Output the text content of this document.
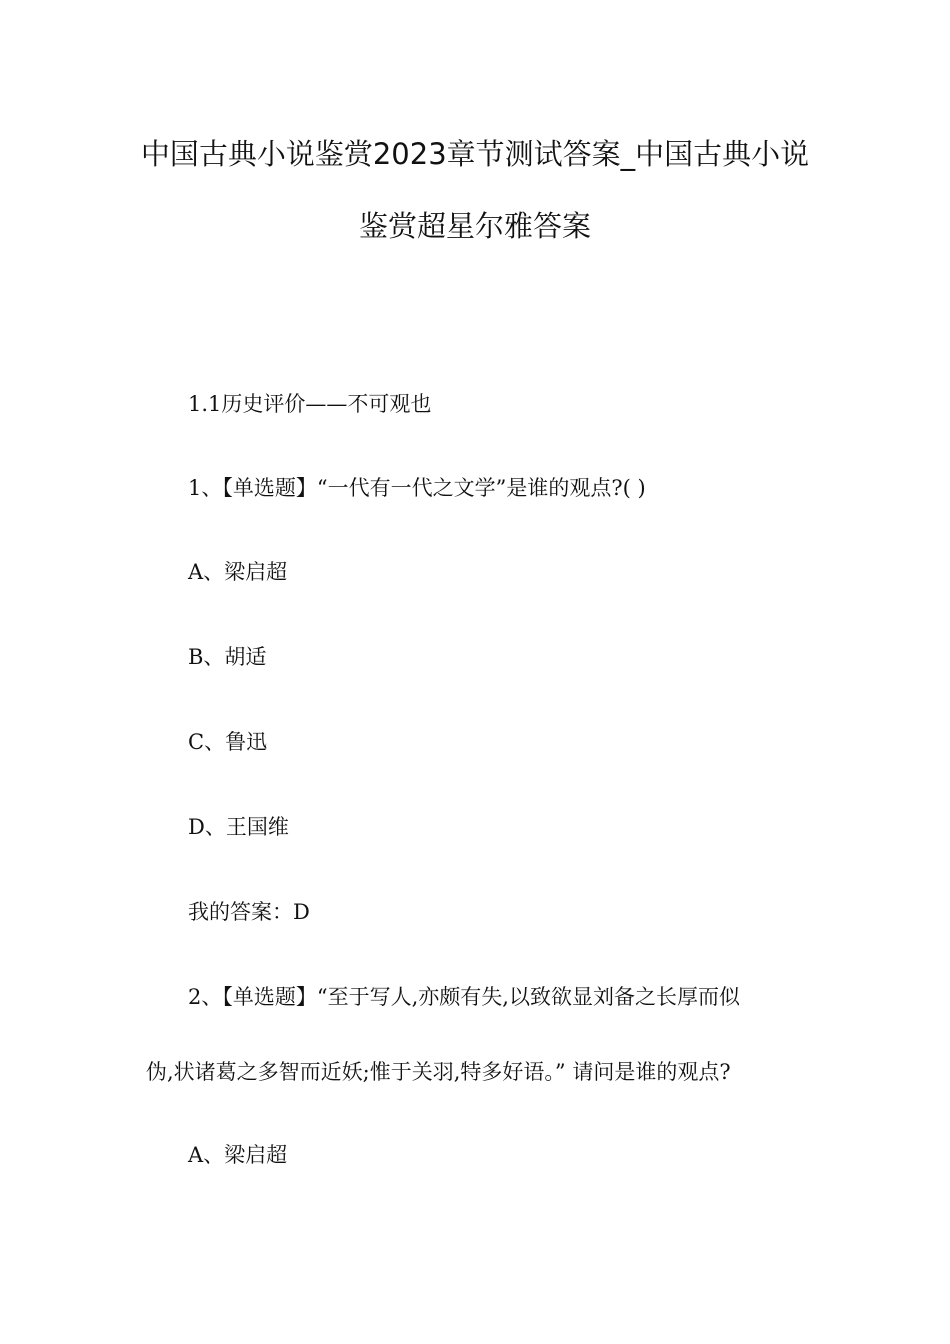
中国古典小说鉴赏2023章节测试答案_中国古典小说
鉴赏超星尔雅答案
1.1历史评价——不可观也
1、【单选题】“一代有一代之文学”是谁的观点?( )
A、梁启超
B、胡适
C、鲁迅
D、王国维
我的答案：D
2、【单选题】“至于写人,亦颇有失,以致欲显刘备之长厚而似
伪,状诸葛之多智而近妖;惟于关羽,特多好语。” 请问是谁的观点?
A、梁启超
